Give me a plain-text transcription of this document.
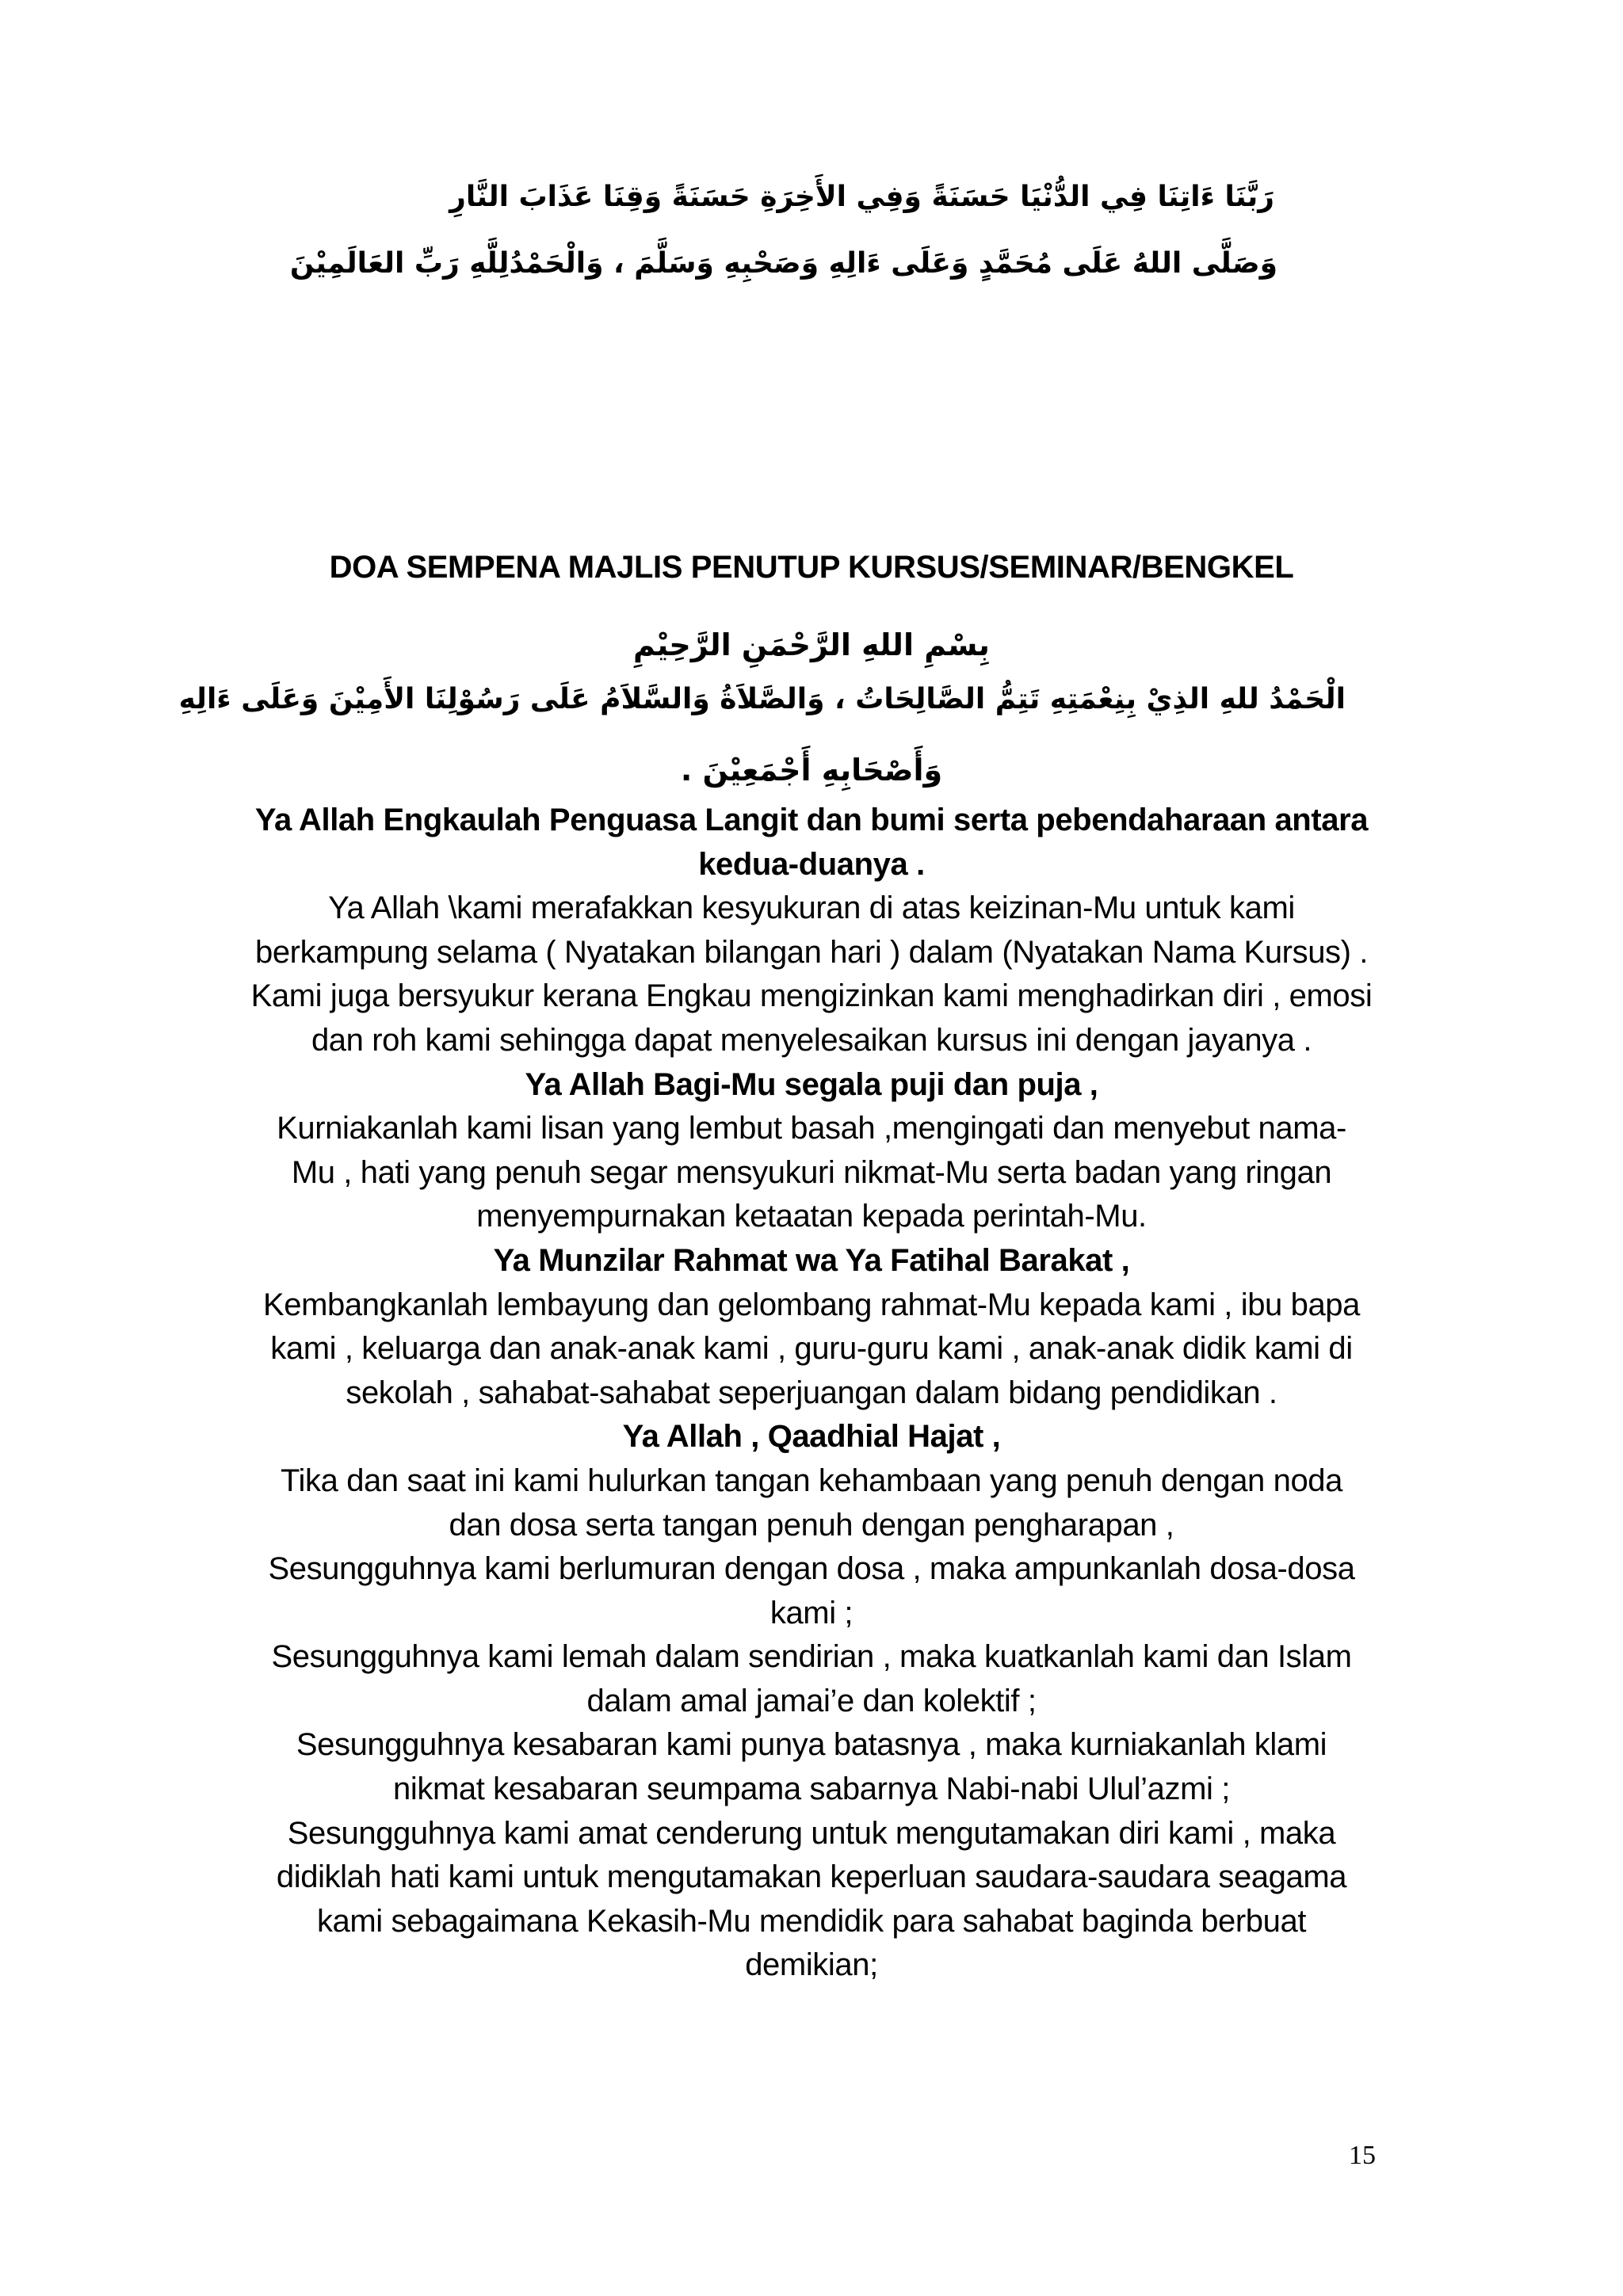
رَبَّنَا ءَاتِنَا فِي الدُّنْيَا حَسَنَةً وَفِي الأَخِرَةِ حَسَنَةً وَقِنَا عَذَابَ النَّارِ
وَصَلَّى اللهُ عَلَى مُحَمَّدٍ وَعَلَى ءَالِهِ وَصَحْبِهِ وَسَلَّمَ ، وَالْحَمْدُلِلَّهِ رَبِّ العَالَمِيْنَ
DOA SEMPENA MAJLIS PENUTUP KURSUS/SEMINAR/BENGKEL
بِسْمِ اللهِ الرَّحْمَنِ الرَّحِيْمِ
الْحَمْدُ للهِ الذِيْ بِنِعْمَتِهِ تَتِمُّ الصَّالِحَاتُ ، وَالصَّلاَةُ وَالسَّلاَمُ عَلَى رَسُوْلِنَا الأَمِيْنَ وَعَلَى ءَالِهِ
وَأَصْحَابِهِ أَجْمَعِيْنَ .
Ya Allah Engkaulah Penguasa Langit dan bumi serta pebendaharaan antara
kedua-duanya .
Ya Allah \kami merafakkan kesyukuran di atas keizinan-Mu untuk kami
berkampung selama ( Nyatakan bilangan hari ) dalam (Nyatakan Nama Kursus) .
Kami juga bersyukur kerana Engkau mengizinkan kami menghadirkan diri , emosi
dan roh kami sehingga dapat menyelesaikan kursus ini dengan jayanya .
Ya Allah Bagi-Mu segala puji dan puja ,
Kurniakanlah kami lisan yang lembut basah ,mengingati dan menyebut nama-
Mu , hati yang penuh segar mensyukuri nikmat-Mu serta badan yang ringan
menyempurnakan ketaatan kepada perintah-Mu.
Ya Munzilar Rahmat wa Ya Fatihal Barakat ,
Kembangkanlah lembayung dan gelombang rahmat-Mu kepada kami , ibu bapa
kami , keluarga dan anak-anak kami , guru-guru kami , anak-anak didik kami di
sekolah , sahabat-sahabat seperjuangan dalam bidang pendidikan .
Ya Allah , Qaadhial Hajat ,
Tika dan saat ini kami hulurkan tangan kehambaan yang penuh dengan noda
dan dosa serta tangan penuh dengan pengharapan ,
Sesungguhnya kami berlumuran dengan dosa , maka ampunkanlah dosa-dosa
kami ;
Sesungguhnya kami lemah dalam sendirian , maka kuatkanlah kami dan Islam
dalam amal jamai’e dan kolektif ;
Sesungguhnya kesabaran kami punya batasnya , maka kurniakanlah klami
nikmat kesabaran seumpama sabarnya Nabi-nabi Ulul’azmi ;
Sesungguhnya kami amat cenderung untuk mengutamakan diri kami , maka
didiklah hati kami untuk mengutamakan keperluan saudara-saudara seagama
kami sebagaimana Kekasih-Mu mendidik para sahabat baginda berbuat
demikian;
15
